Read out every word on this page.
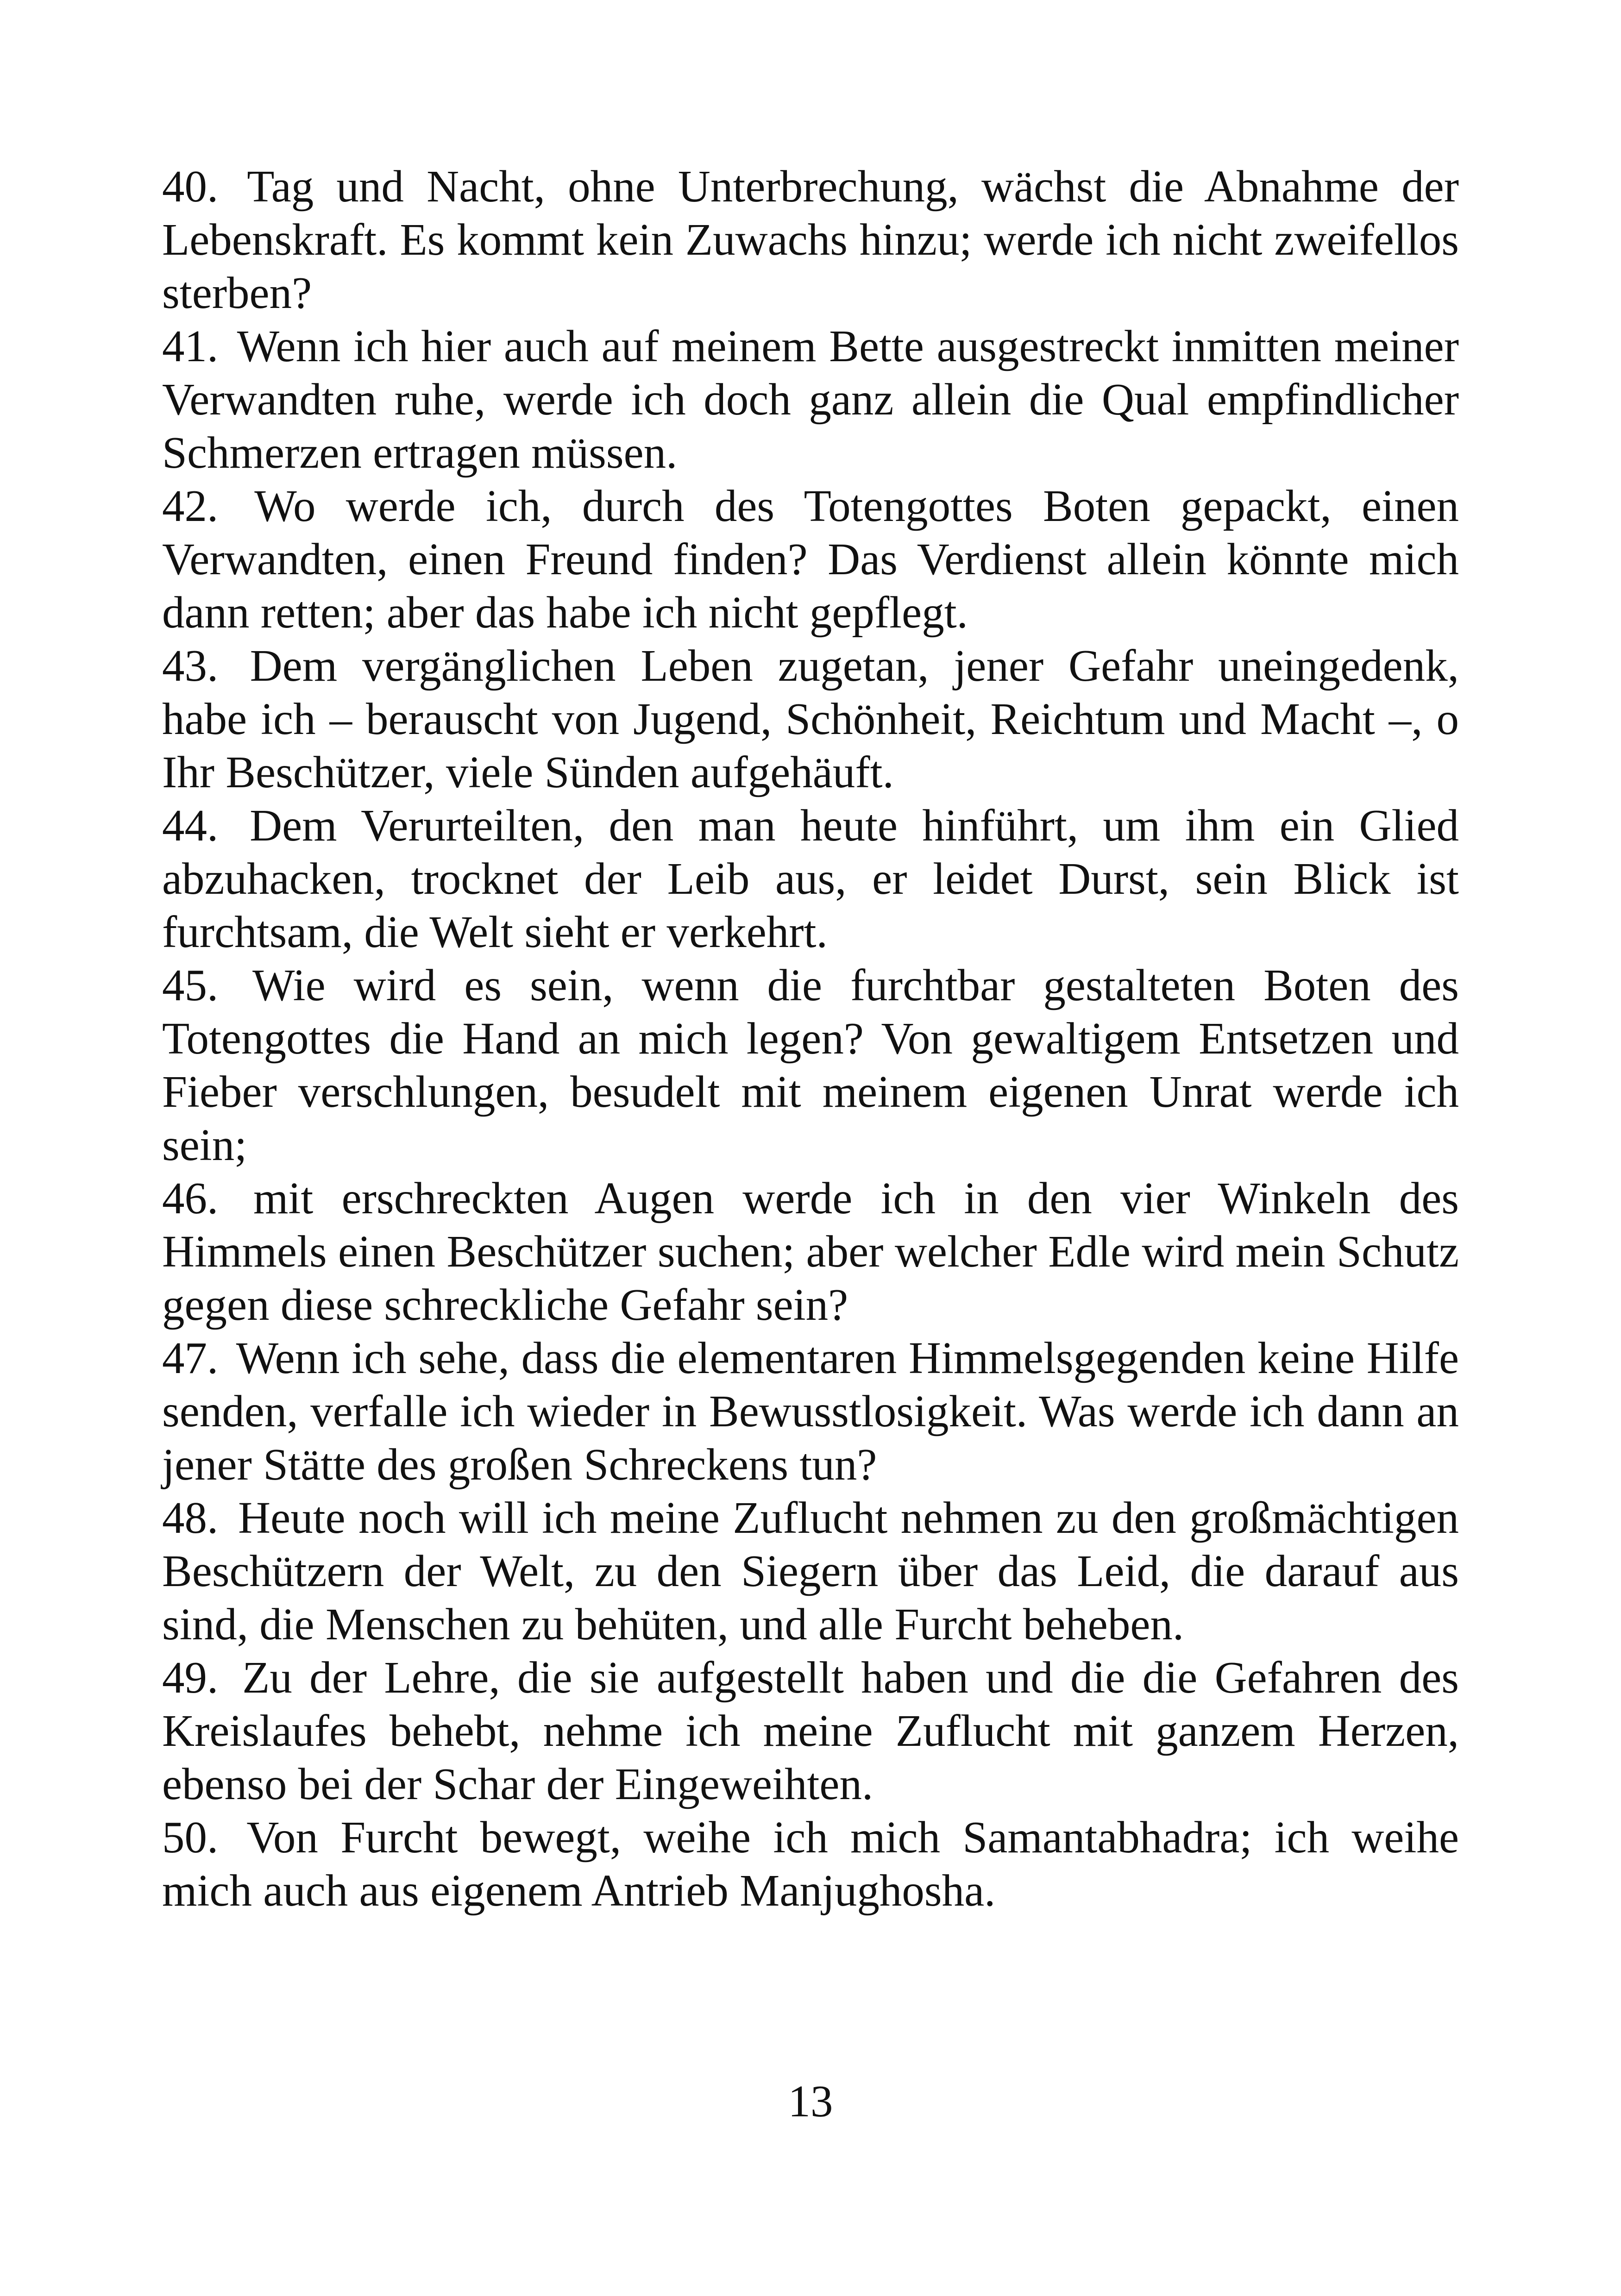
40. Tag und Nacht, ohne Unterbrechung, wächst die Abnahme der Lebenskraft. Es kommt kein Zuwachs hinzu; werde ich nicht zweifellos sterben?

41. Wenn ich hier auch auf meinem Bette ausgestreckt inmitten meiner Verwandten ruhe, werde ich doch ganz allein die Qual empfindlicher Schmerzen ertragen müssen.

42. Wo werde ich, durch des Totengottes Boten gepackt, einen Verwandten, einen Freund finden? Das Verdienst allein könnte mich dann retten; aber das habe ich nicht gepflegt.

43. Dem vergänglichen Leben zugetan, jener Gefahr uneingedenk, habe ich – berauscht von Jugend, Schönheit, Reichtum und Macht –, o Ihr Beschützer, viele Sünden aufgehäuft.

44. Dem Verurteilten, den man heute hinführt, um ihm ein Glied abzuhacken, trocknet der Leib aus, er leidet Durst, sein Blick ist furchtsam, die Welt sieht er verkehrt.

45. Wie wird es sein, wenn die furchtbar gestalteten Boten des Totengottes die Hand an mich legen? Von gewaltigem Entsetzen und Fieber verschlungen, besudelt mit meinem eigenen Unrat werde ich sein;

46. mit erschreckten Augen werde ich in den vier Winkeln des Himmels einen Beschützer suchen; aber welcher Edle wird mein Schutz gegen diese schreckliche Gefahr sein?

47. Wenn ich sehe, dass die elementaren Himmelsgegenden keine Hilfe senden, verfalle ich wieder in Bewusstlosigkeit. Was werde ich dann an jener Stätte des großen Schreckens tun?

48. Heute noch will ich meine Zuflucht nehmen zu den großmächtigen Beschützern der Welt, zu den Siegern über das Leid, die darauf aus sind, die Menschen zu behüten, und alle Furcht beheben.

49. Zu der Lehre, die sie aufgestellt haben und die die Gefahren des Kreislaufes behebt, nehme ich meine Zuflucht mit ganzem Herzen, ebenso bei der Schar der Eingeweihten.

50. Von Furcht bewegt, weihe ich mich Samantabhadra; ich weihe mich auch aus eigenem Antrieb Manjughosha.

13
